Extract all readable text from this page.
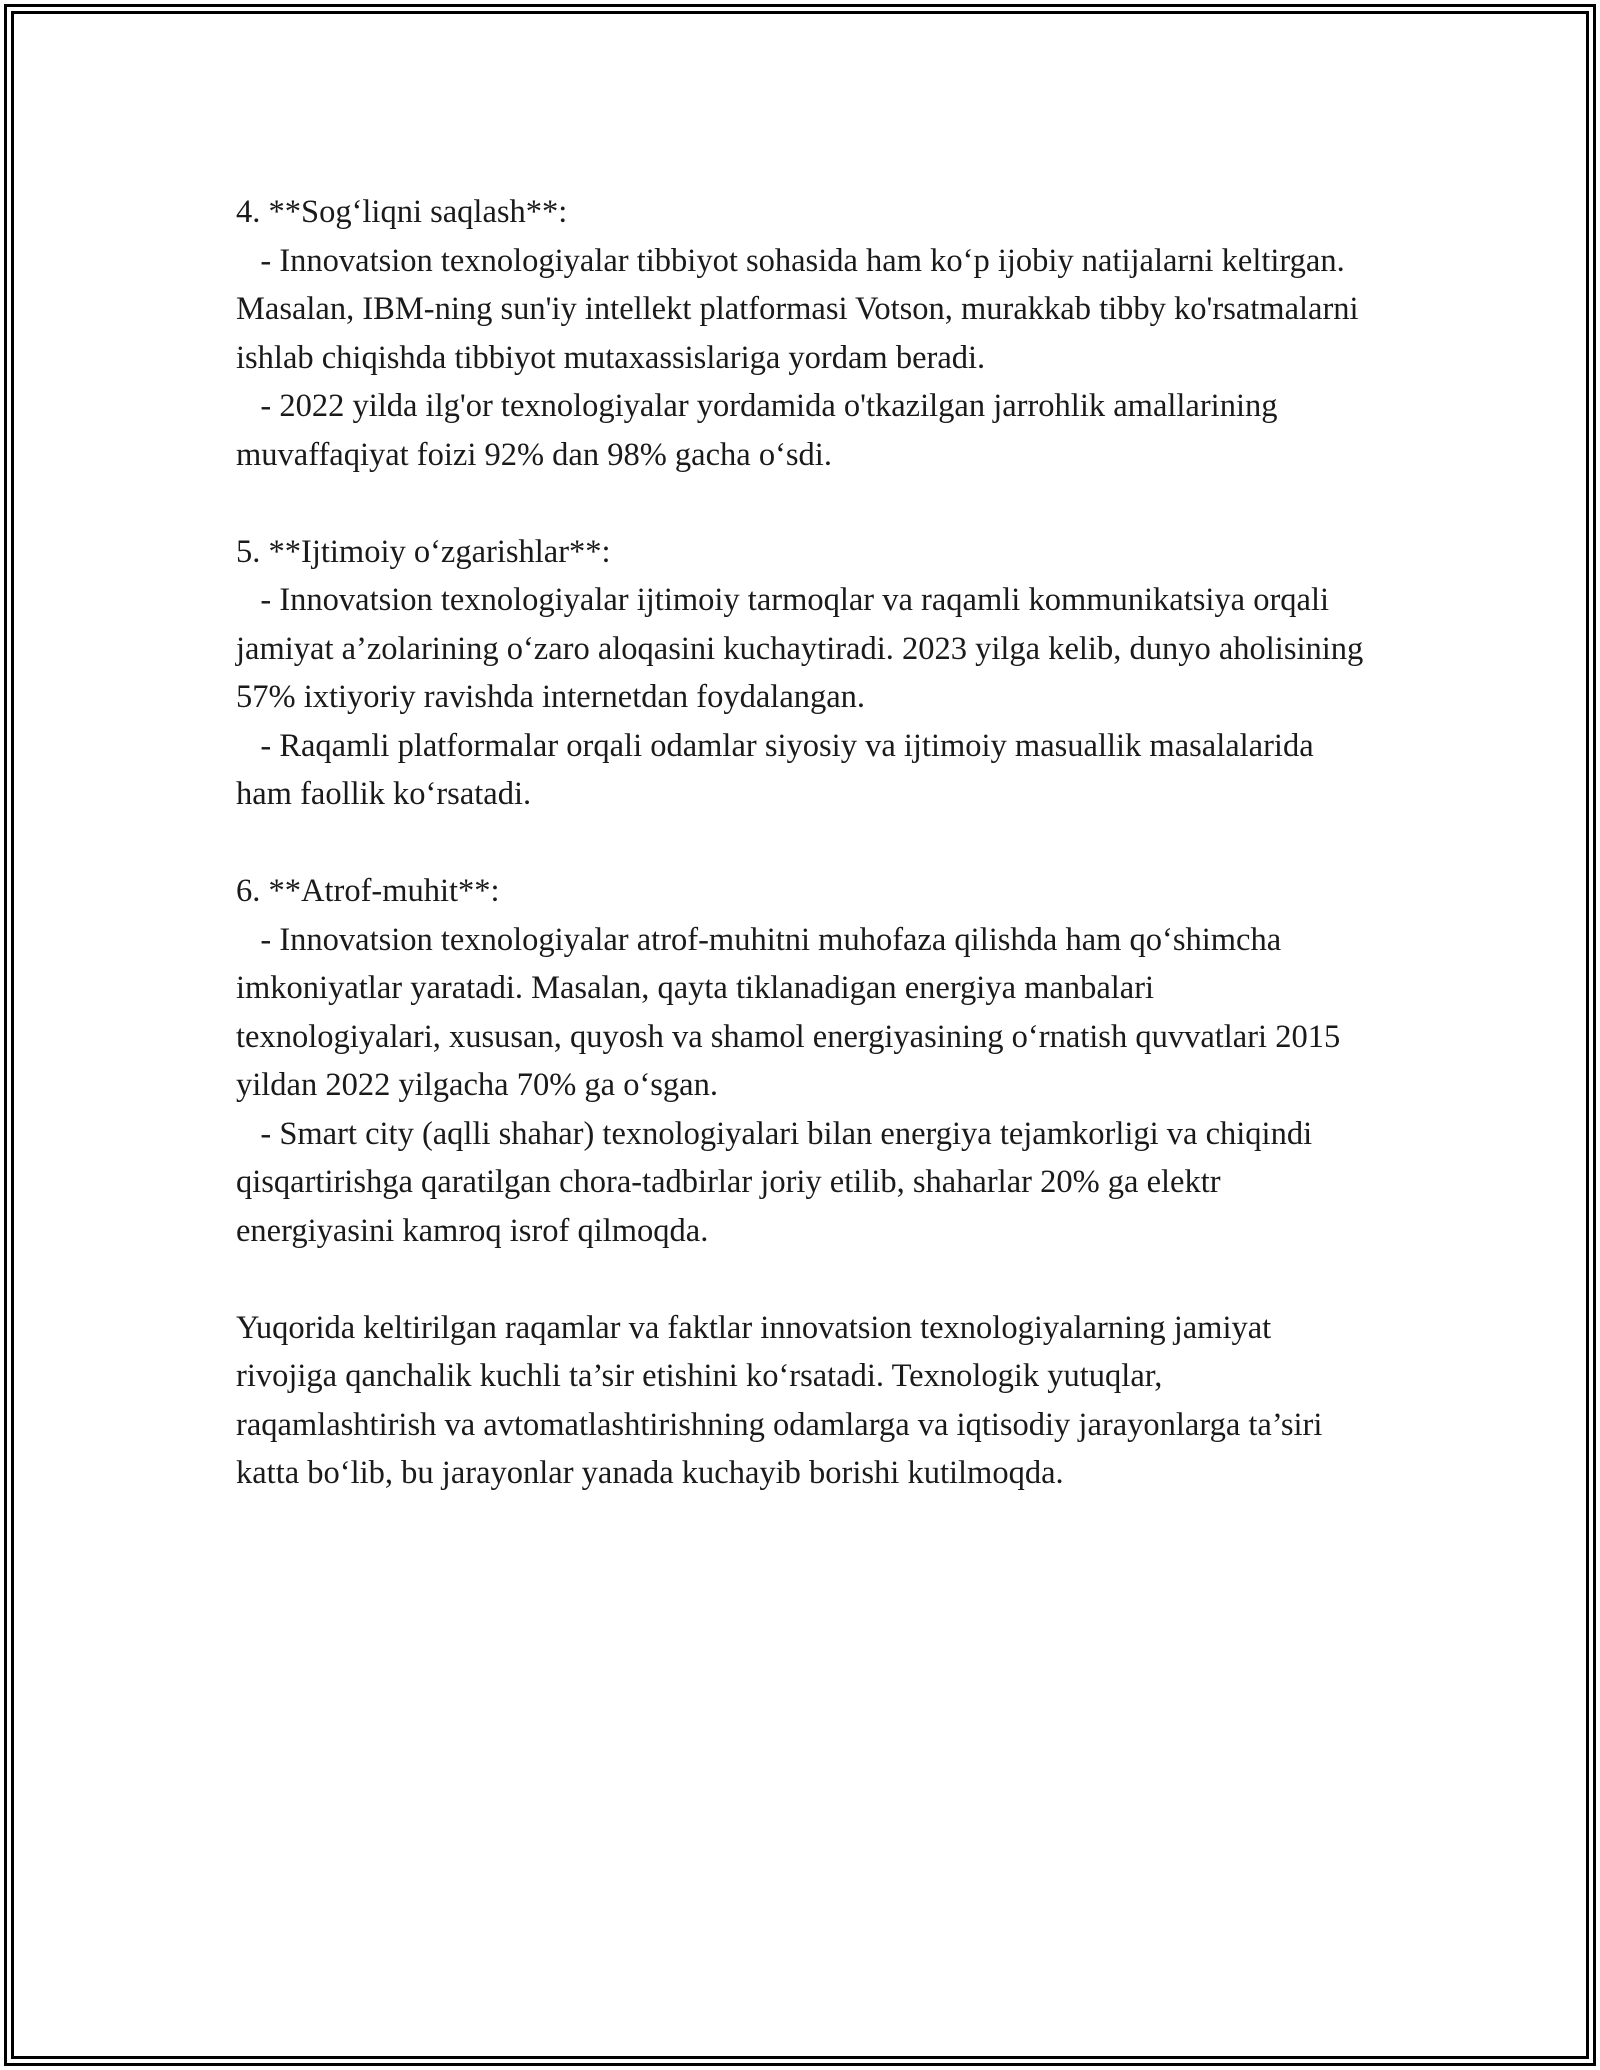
4. **Sog‘liqni saqlash**:

- Innovatsion texnologiyalar tibbiyot sohasida ham ko‘p ijobiy natijalarni keltirgan. Masalan, IBM-ning sun'iy intellekt platformasi Votson, murakkab tibby ko'rsatmalarni ishlab chiqishda tibbiyot mutaxassislariga yordam beradi.

- 2022 yilda ilg'or texnologiyalar yordamida o'tkazilgan jarrohlik amallarining muvaffaqiyat foizi 92% dan 98% gacha o‘sdi.

5. **Ijtimoiy o‘zgarishlar**:

- Innovatsion texnologiyalar ijtimoiy tarmoqlar va raqamli kommunikatsiya orqali jamiyat a’zolarining o‘zaro aloqasini kuchaytiradi. 2023 yilga kelib, dunyo aholisining 57% ixtiyoriy ravishda internetdan foydalangan.

- Raqamli platformalar orqali odamlar siyosiy va ijtimoiy masuallik masalalarida ham faollik ko‘rsatadi.

6. **Atrof-muhit**:

- Innovatsion texnologiyalar atrof-muhitni muhofaza qilishda ham qo‘shimcha imkoniyatlar yaratadi. Masalan, qayta tiklanadigan energiya manbalari texnologiyalari, xususan, quyosh va shamol energiyasining o‘rnatish quvvatlari 2015 yildan 2022 yilgacha 70% ga o‘sgan.

- Smart city (aqlli shahar) texnologiyalari bilan energiya tejamkorligi va chiqindi qisqartirishga qaratilgan chora-tadbirlar joriy etilib, shaharlar 20% ga elektr energiyasini kamroq isrof qilmoqda.

Yuqorida keltirilgan raqamlar va faktlar innovatsion texnologiyalarning jamiyat rivojiga qanchalik kuchli ta’sir etishini ko‘rsatadi. Texnologik yutuqlar, raqamlashtirish va avtomatlashtirishning odamlarga va iqtisodiy jarayonlarga ta’siri katta bo‘lib, bu jarayonlar yanada kuchayib borishi kutilmoqda.
